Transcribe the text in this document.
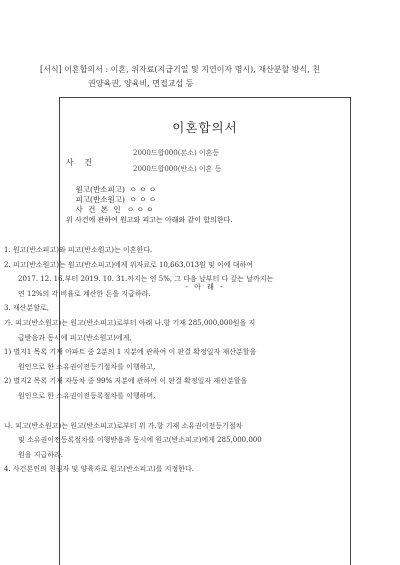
[서식] 이혼합의서 : 이혼, 위자료(지급기일 및 지연이자 명시), 재산분할 방식, 친
권양육권, 양육비, 면접교섭 등
이혼합의서
사 건
2000드합000(본소) 이혼등
2000드합000(반소) 이혼 등

원고(반소피고) ㅇ ㅇ ㅇ

피고(반소원고) ㅇ ㅇ ㅇ

사 건 본 인 ㅇ ㅇ ㅇ

위 사건에 관하여 원고와 피고는 아래와 같이 합의한다.
- 아 래 -
1. 원고(반소피고)와 피고(반소원고)는 이혼한다.
2. 피고(반소원고)는 원고(반소피고)에게 위자료로 10,663,013원 및 이에 대하여
2017. 12. 16.부터 2019. 10. 31.까지는 연 5%, 그 다음 날부터 다 갚는 날까지는
연 12%의 각 비율로 계산한 돈을 지급하라.
3. 재산분할로,
가. 피고(반소원고)는 원고(반소피고)로부터 아래 나.항 기재 285,000,000원을 지
급받음과 동시에 피고(반소원고)에게,
1) 별지1 목록 기재 아파트 중 2분의 1 지분에 관하여 이 판결 확정일자 재산분할을
원인으로 한 소유권이전등기절차를 이행하고,
2) 별지2 목록 기재 자동차 중 99% 지분에 관하여 이 판결 확정일자 재산분할을
원인으로 한 소유권이전등록절차를 이행하며,
나. 피고(반소원고)는 원고(반소피고)로부터 위 가.항 기재 소유권이전등기절차
및 소유권이전등록절차를 이행받음과 동시에 원고(반소피고)에게 285,000,000
원을 지급하라.
4. 사건본인의 친권자 및 양육자로 원고(반소피고)를 지정한다.
